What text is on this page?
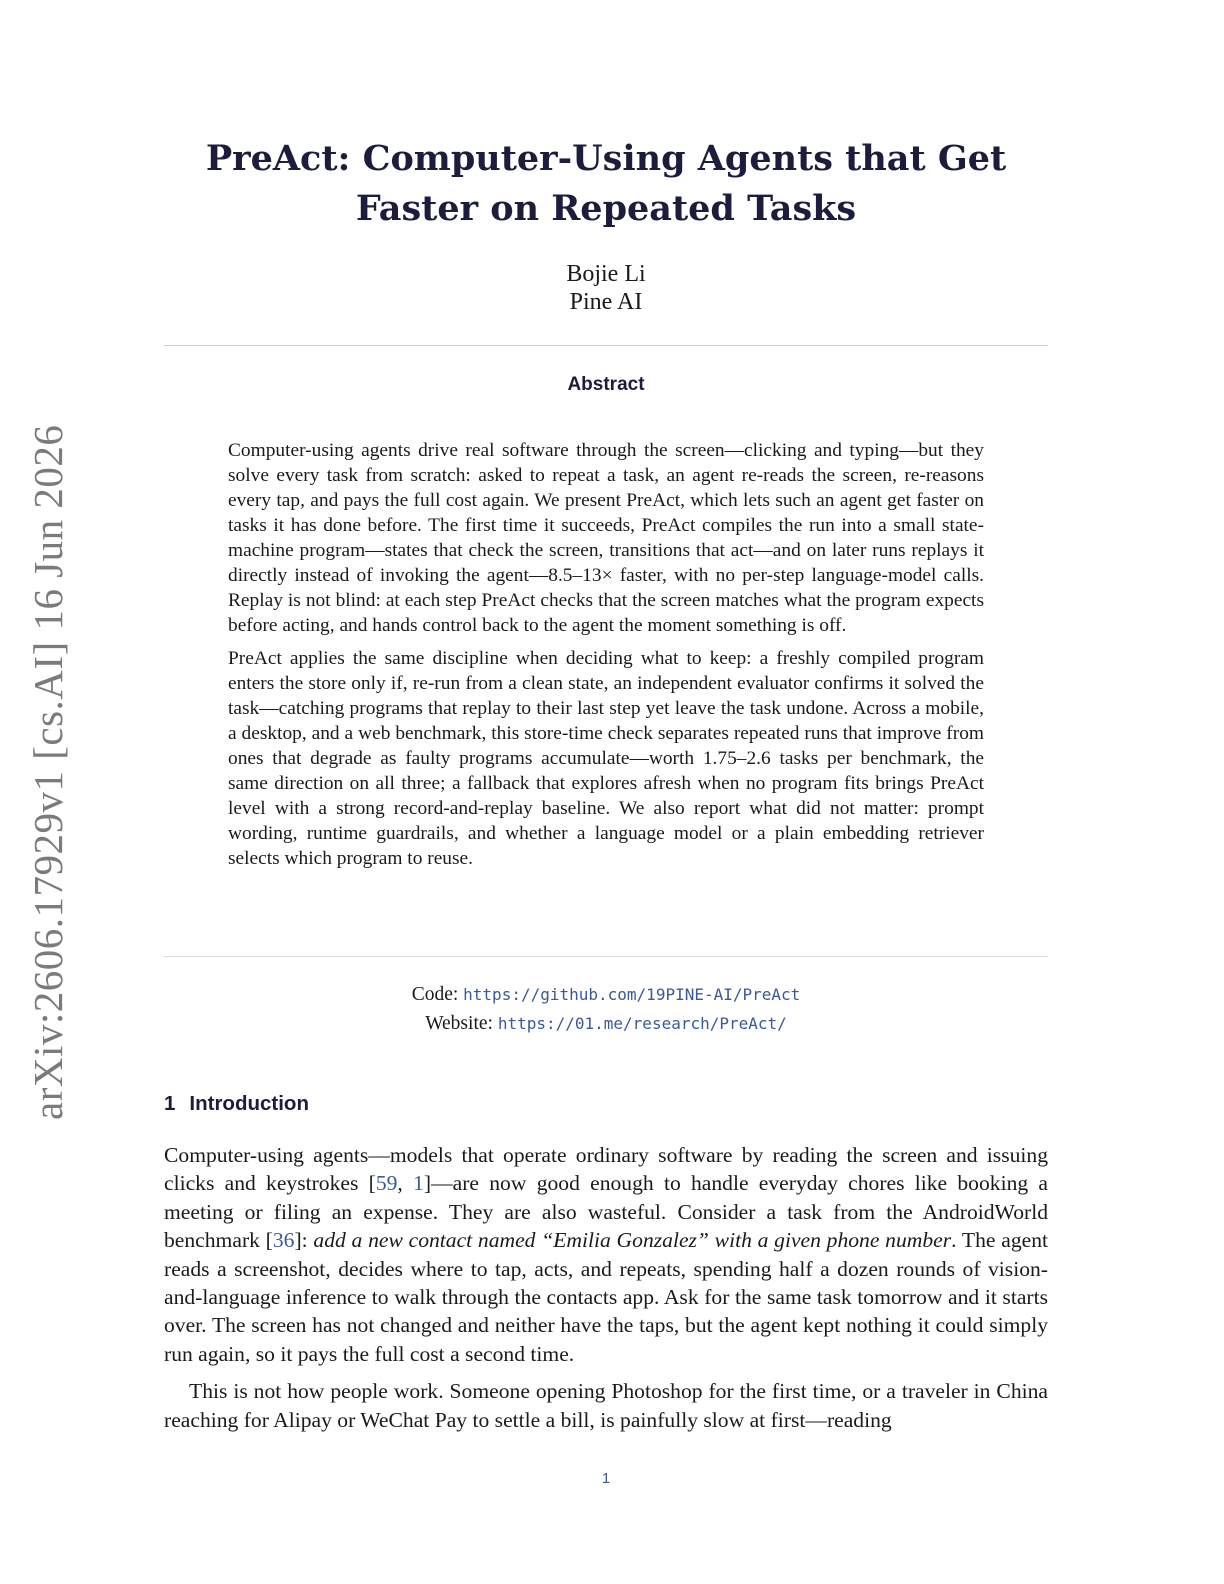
arXiv:2606.17929v1 [cs.AI] 16 Jun 2026
PreAct: Computer-Using Agents that Get
Faster on Repeated Tasks
Bojie Li
Pine AI
Abstract

Computer-using agents drive real software through the screen—clicking and typing—but they solve every task from scratch: asked to repeat a task, an agent re-reads the screen, re-reasons every tap, and pays the full cost again. We present PreAct, which lets such an agent get faster on tasks it has done before. The first time it succeeds, PreAct compiles the run into a small state-machine program—states that check the screen, transitions that act—and on later runs replays it directly instead of invoking the agent—8.5–13× faster, with no per-step language-model calls. Replay is not blind: at each step PreAct checks that the screen matches what the program expects before acting, and hands control back to the agent the moment something is off.

PreAct applies the same discipline when deciding what to keep: a freshly compiled program enters the store only if, re-run from a clean state, an independent evaluator confirms it solved the task—catching programs that replay to their last step yet leave the task undone. Across a mobile, a desktop, and a web benchmark, this store-time check separates repeated runs that improve from ones that degrade as faulty programs accumulate—worth 1.75–2.6 tasks per benchmark, the same direction on all three; a fallback that explores afresh when no program fits brings PreAct level with a strong record-and-replay baseline. We also report what did not matter: prompt wording, runtime guardrails, and whether a language model or a plain embedding retriever selects which program to reuse.

Code: https://github.com/19PINE-AI/PreAct
Website: https://01.me/research/PreAct/
1 Introduction

Computer-using agents—models that operate ordinary software by reading the screen and issuing clicks and keystrokes [59, 1]—are now good enough to handle everyday chores like booking a meeting or filing an expense. They are also wasteful. Consider a task from the AndroidWorld benchmark [36]: add a new contact named “Emilia Gonzalez” with a given phone number. The agent reads a screenshot, decides where to tap, acts, and repeats, spending half a dozen rounds of vision-and-language inference to walk through the contacts app. Ask for the same task tomorrow and it starts over. The screen has not changed and neither have the taps, but the agent kept nothing it could simply run again, so it pays the full cost a second time.

This is not how people work. Someone opening Photoshop for the first time, or a traveler in China reaching for Alipay or WeChat Pay to settle a bill, is painfully slow at first—reading

1
